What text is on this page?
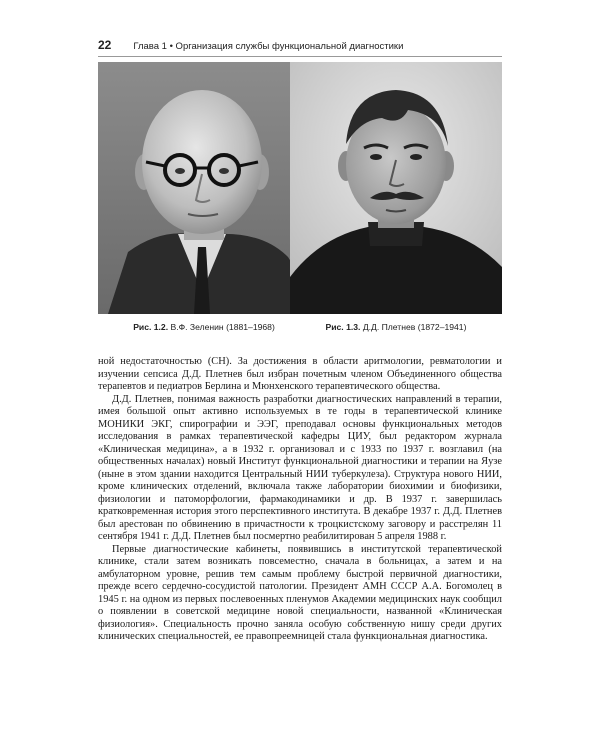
22 Глава 1 • Организация службы функциональной диагностики
Рис. 1.2. В.Ф. Зеленин (1881–1968)	Рис. 1.3. Д.Д. Плетнев (1872–1941)

ной недостаточностью (СН). За достижения в области аритмологии, ревматологии и изучении сепсиса Д.Д. Плетнев был избран почетным членом Объединенного общества терапевтов и педиатров Берлина и Мюнхенского терапевтического общества.

Д.Д. Плетнев, понимая важность разработки диагностических направлений в терапии, имея большой опыт активно используемых в те годы в терапевтической клинике МОНИКИ ЭКГ, спирографии и ЭЭГ, преподавал основы функциональных методов исследования в рамках терапевтической кафедры ЦИУ, был редактором журнала «Клиническая медицина», а в 1932 г. организовал и с 1933 по 1937 г. возглавил (на общественных началах) новый Институт функциональной диагностики и терапии на Яузе (ныне в этом здании находится Центральный НИИ туберкулеза). Структура нового НИИ, кроме клинических отделений, включала также лаборатории биохимии и биофизики, физиологии и патоморфологии, фармакодинамики и др. В 1937 г. завершилась кратковременная история этого перспективного института. В декабре 1937 г. Д.Д. Плетнев был арестован по обвинению в причастности к троцкистскому заговору и расстрелян 11 сентября 1941 г. Д.Д. Плетнев был посмертно реабилитирован 5 апреля 1988 г.

Первые диагностические кабинеты, появившись в институтской терапевтической клинике, стали затем возникать повсеместно, сначала в больницах, а затем и на амбулаторном уровне, решив тем самым проблему быстрой первичной диагностики, прежде всего сердечно-сосудистой патологии. Президент АМН СССР А.А. Богомолец в 1945 г. на одном из первых послевоенных пленумов Академии медицинских наук сообщил о появлении в советской медицине новой специальности, названной «Клиническая физиология». Специальность прочно заняла особую собственную нишу среди других клинических специальностей, ее правопреемницей стала функциональная диагностика.
